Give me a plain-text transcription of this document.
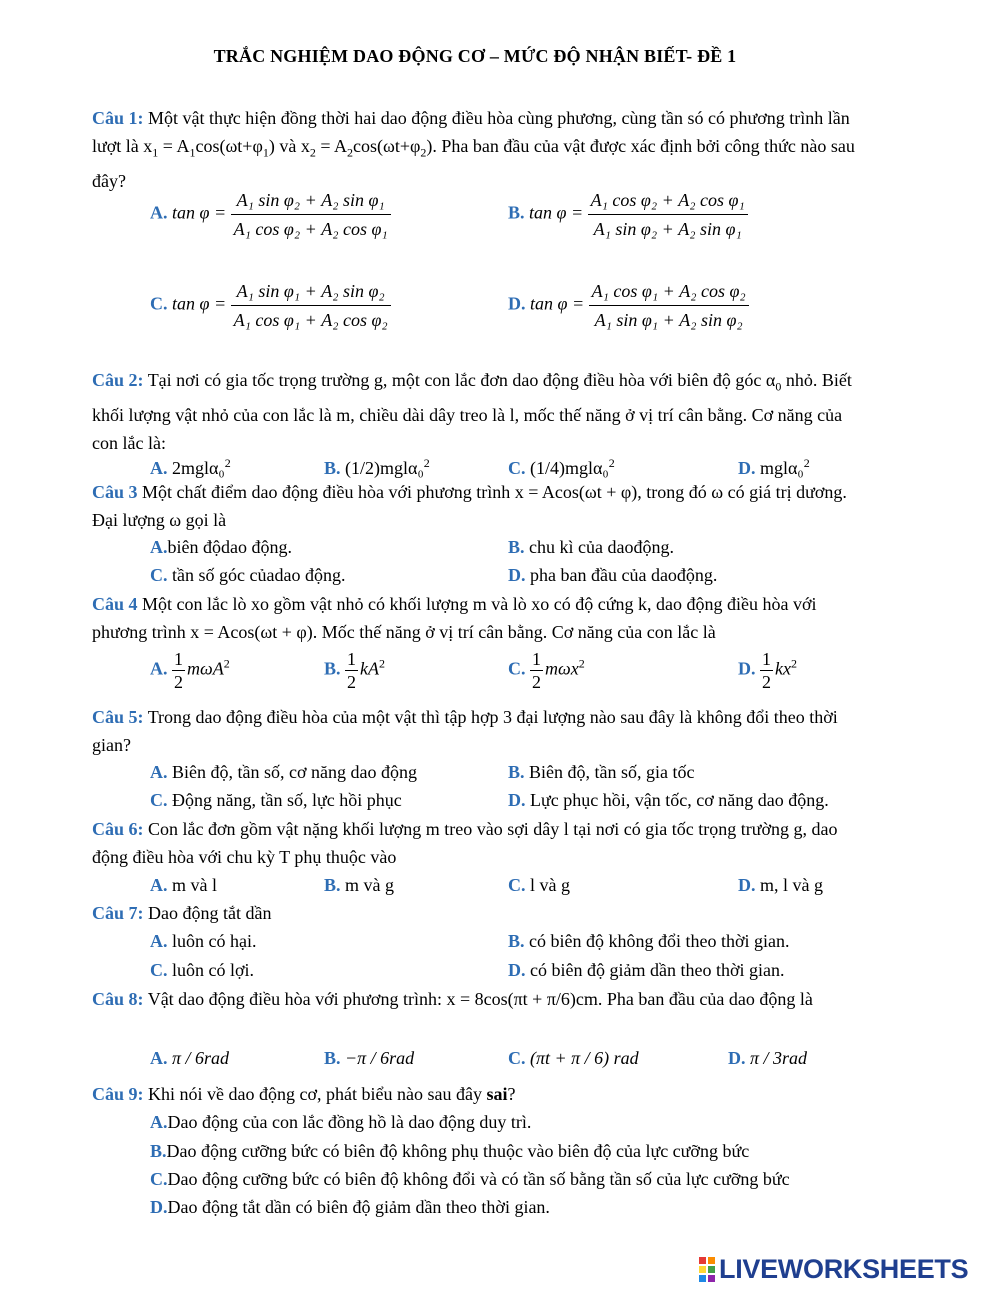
TRẮC NGHIỆM DAO ĐỘNG CƠ – MỨC ĐỘ NHẬN BIẾT- ĐỀ 1
Câu 1: Một vật thực hiện đồng thời hai dao động điều hòa cùng phương, cùng tần só có phương trình lần lượt là $x_1 = A_1\cos(\omega t+\varphi_1)$ và $x_2 = A_2\cos(\omega t+\varphi_2)$. Pha ban đầu của vật được xác định bởi công thức nào sau đây?
A. $\tan \varphi = \frac{\text{A₁ sin φ₂ + A₂ sin φ₁}}{\text{A₁ cos φ₂ + A₂ cos φ₁}}$	B. $\tan \varphi = \frac{\text{A₁ cos φ₂ + A₂ cos φ₁}}{\text{A₁ sin φ₂ + A₂ sin φ₁}}$
C. $\tan \varphi = \frac{\text{A₁ sin φ₁ + A₂ sin φ₂}}{\text{A₁ cos φ₁ + A₂ cos φ₂}}$	D. $\tan \varphi = \frac{\text{A₁ cos φ₁ + A₂ cos φ₂}}{\text{A₁ sin φ₁ + A₂ sin φ₂}}$
Câu 2: Tại nơi có gia tốc trọng trường g, một con lắc đơn dao động điều hòa với biên độ góc $\alpha_0$ nhỏ. Biết khối lượng vật nhỏ của con lắc là m, chiều dài dây treo là l, mốc thế năng ở vị trí cân bằng. Cơ năng của con lắc là:
A. 2mglα₀$^2$	B. (1/2)mglα₀$^2$	C. (1/4)mglα₀$^2$	D. mglα₀$^2$
Câu 3 Một chất điểm dao động điều hòa với phương trình x = Acos(ωt + φ), trong đó ω có giá trị dương. Đại lượng ω gọi là
A.biên độdao động.	B. chu kì của daođộng.
C. tần số góc củadao động.	D. pha ban đầu của daođộng.
Câu 4 Một con lắc lò xo gồm vật nhỏ có khối lượng m và lò xo có độ cứng k, dao động điều hòa với phương trình x = Acos(ωt + φ). Mốc thế năng ở vị trí cân bằng. Cơ năng của con lắc là
A. $\frac{1}{2} m\omega A^2$	B. $\frac{1}{2} kA^2$	C. $\frac{1}{2} m\omega x^2$	D. $\frac{1}{2} kx^2$
Câu 5: Trong dao động điều hòa của một vật thì tập hợp 3 đại lượng nào sau đây là không đổi theo thời gian?
A. Biên độ, tần số, cơ năng dao động	B. Biên độ, tần số, gia tốc
C. Động năng, tần số, lực hồi phục	D. Lực phục hồi, vận tốc, cơ năng dao động.
Câu 6: Con lắc đơn gồm vật nặng khối lượng m treo vào sợi dây l tại nơi có gia tốc trọng trường g, dao động điều hòa với chu kỳ T phụ thuộc vào
A. m và l	B. m và g	C. l và g	D. m, l và g
Câu 7: Dao động tắt dần
A. luôn có hại.	B. có biên độ không đổi theo thời gian.
C. luôn có lợi.	D. có biên độ giảm dần theo thời gian.
Câu 8: Vật dao động điều hòa với phương trình: x = 8cos(πt + π/6)cm. Pha ban đầu của dao động là
A. π / 6rad	B. −π / 6rad	C. (πt + π / 6) rad	D. π / 3rad
Câu 9: Khi nói về dao động cơ, phát biểu nào sau đây sai?
A.Dao động của con lắc đồng hồ là dao động duy trì.
B.Dao động cưỡng bức có biên độ không phụ thuộc vào biên độ của lực cưỡng bức
C.Dao động cưỡng bức có biên độ không đổi và có tần số bằng tần số của lực cưỡng bức
D.Dao động tắt dần có biên độ giảm dần theo thời gian.
LIVEWORKSHEETS
